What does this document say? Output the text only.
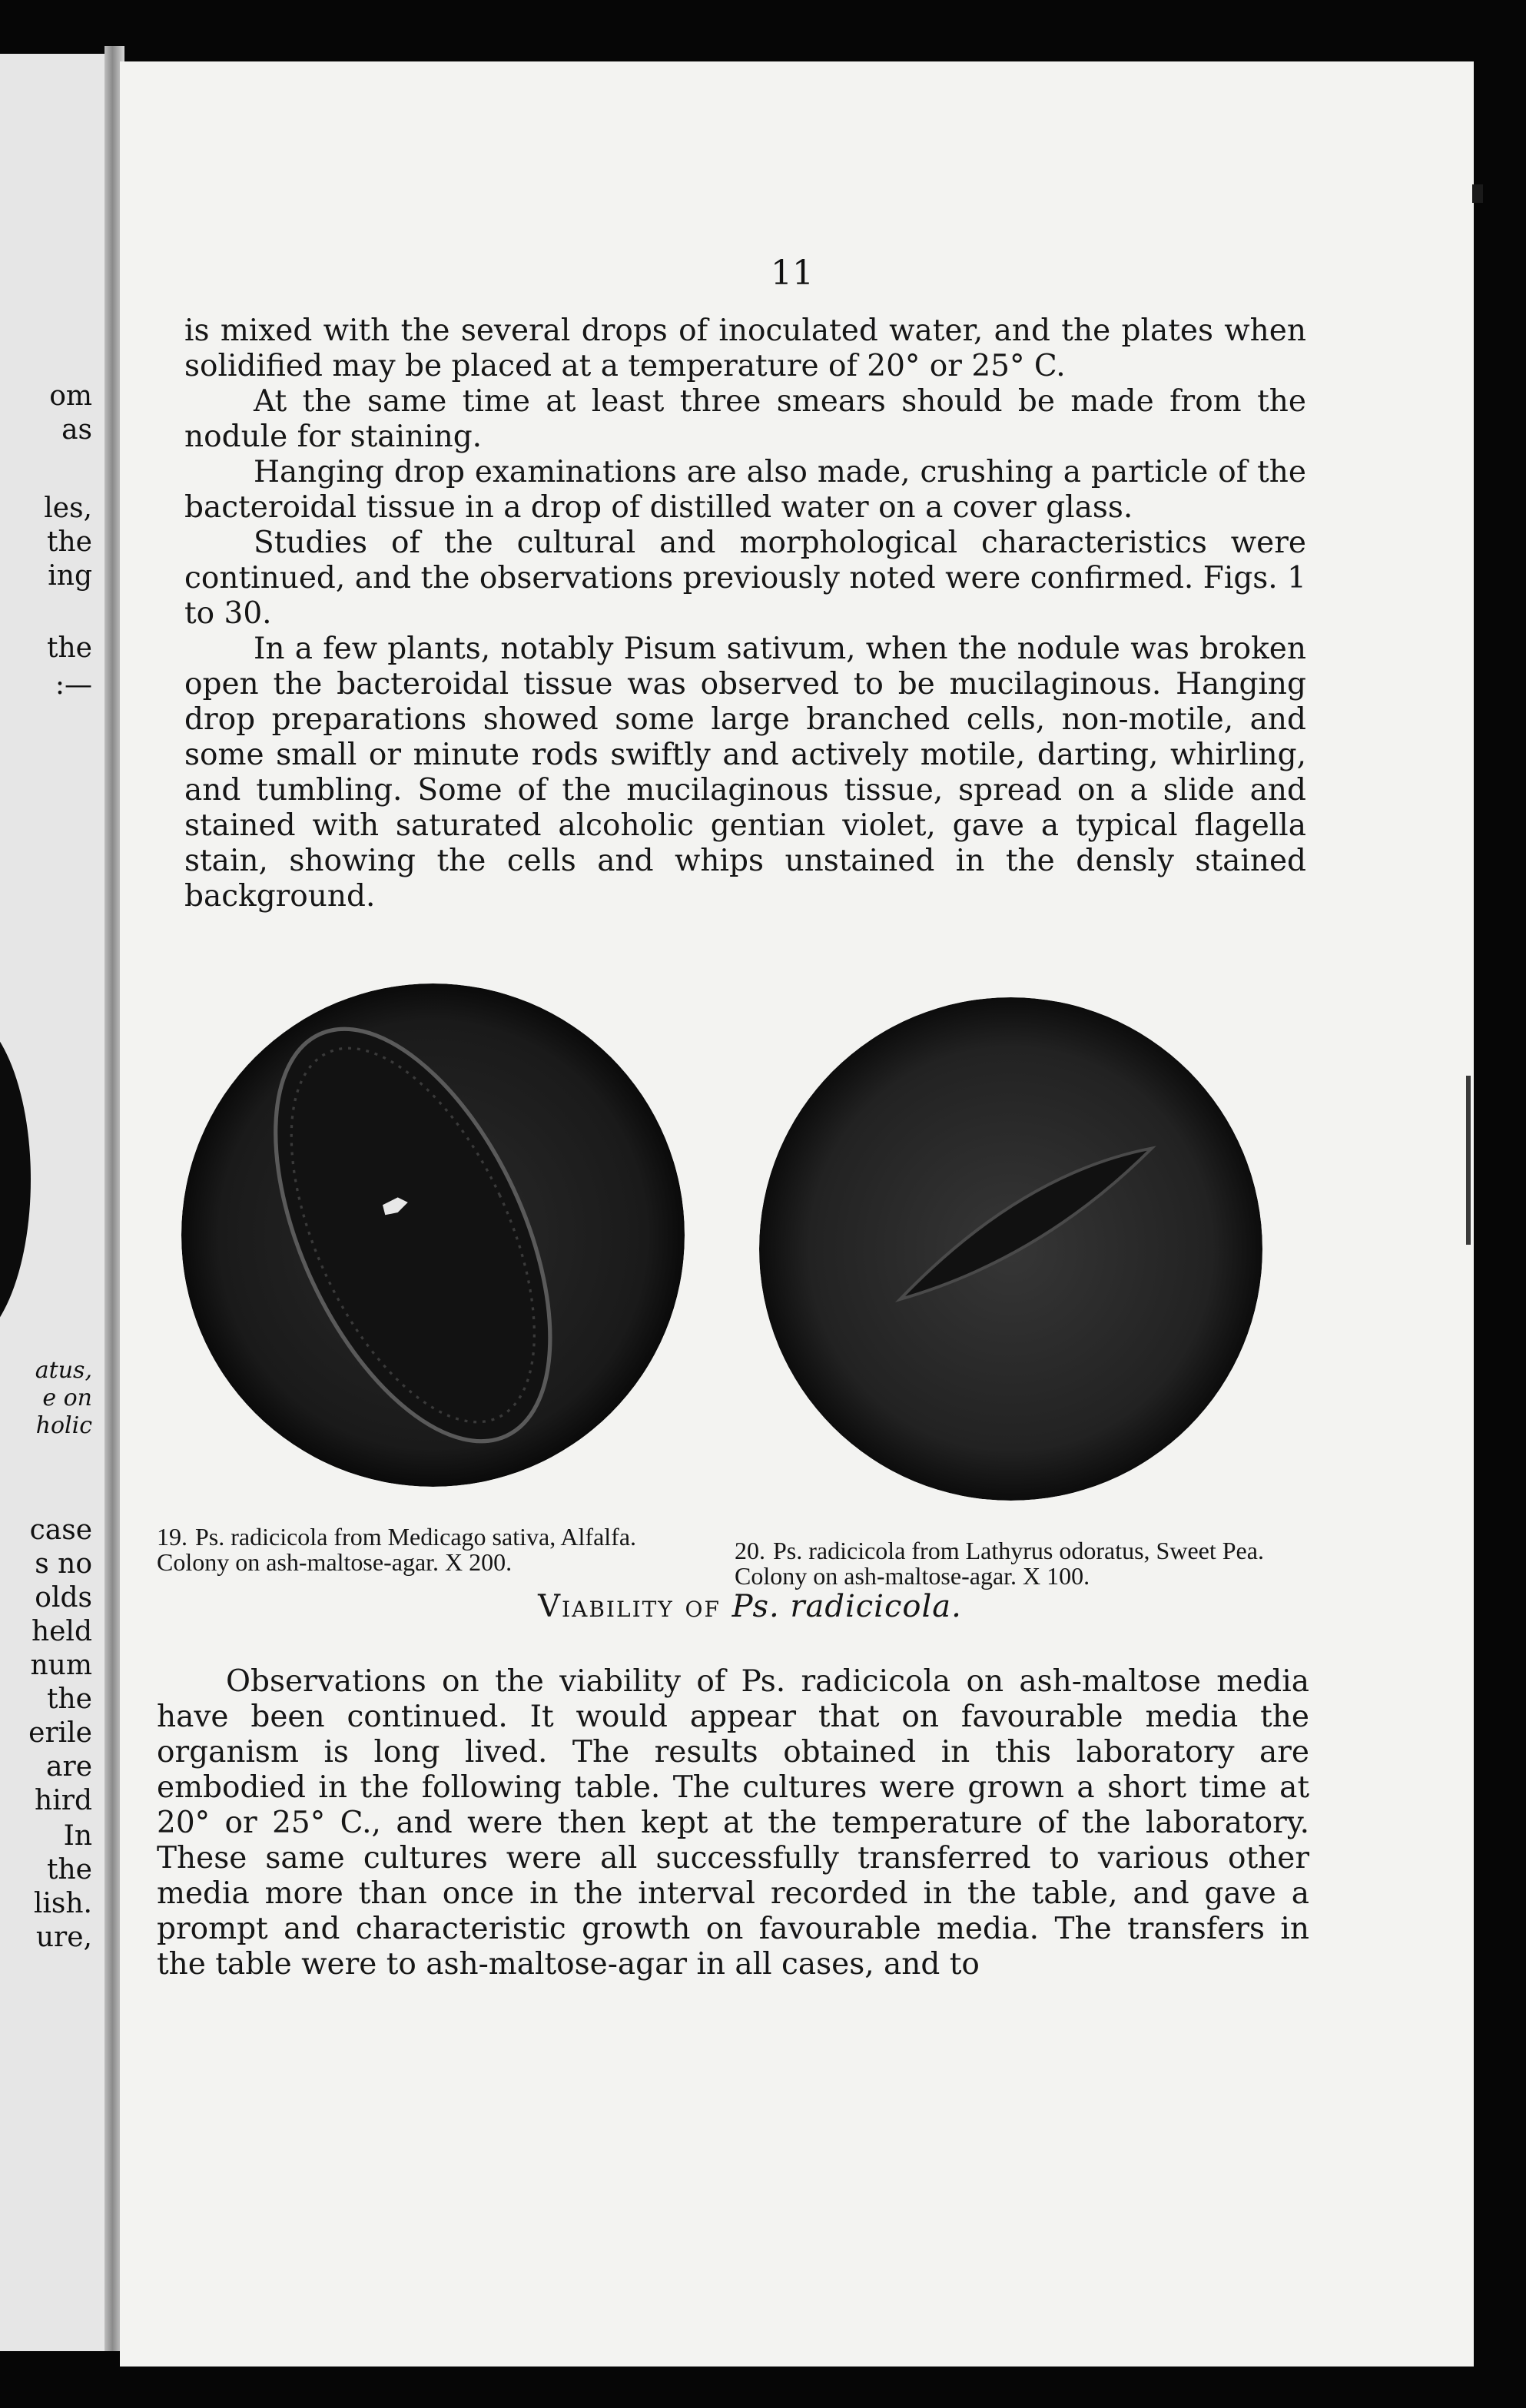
om

as

les,

the

ing

the

:—

atus,

e on

holic

case

s no

olds

held

num

the

erile

are

hird

In

the

lish.

ure,

11

is mixed with the several drops of inoculated water, and the plates when solidified may be placed at a temperature of 20° or 25° C.

At the same time at least three smears should be made from the nodule for staining.

Hanging drop examinations are also made, crushing a particle of the bacteroidal tissue in a drop of distilled water on a cover glass.

Studies of the cultural and morphological characteristics were continued, and the observations previously noted were confirmed. Figs. 1 to 30.

In a few plants, notably Pisum sativum, when the nodule was broken open the bacteroidal tissue was observed to be mucilaginous. Hanging drop preparations showed some large branched cells, non-motile, and some small or minute rods swiftly and actively motile, darting, whirling, and tumbling. Some of the mucilaginous tissue, spread on a slide and stained with saturated alcoholic gentian violet, gave a typical flagella stain, showing the cells and whips unstained in the densly stained background.

19. Ps. radicicola from Medicago sativa, Alfalfa. Colony on ash-maltose-agar. X 200.	20. Ps. radicicola from Lathyrus odoratus, Sweet Pea. Colony on ash-maltose-agar. X 100.

Viability of Ps. radicicola.

Observations on the viability of Ps. radicicola on ash-maltose media have been continued. It would appear that on favourable media the organism is long lived. The results obtained in this laboratory are embodied in the following table. The cultures were grown a short time at 20° or 25° C., and were then kept at the temperature of the laboratory. These same cultures were all successfully transferred to various other media more than once in the interval recorded in the table, and gave a prompt and characteristic growth on favourable media. The transfers in the table were to ash-maltose-agar in all cases, and to
